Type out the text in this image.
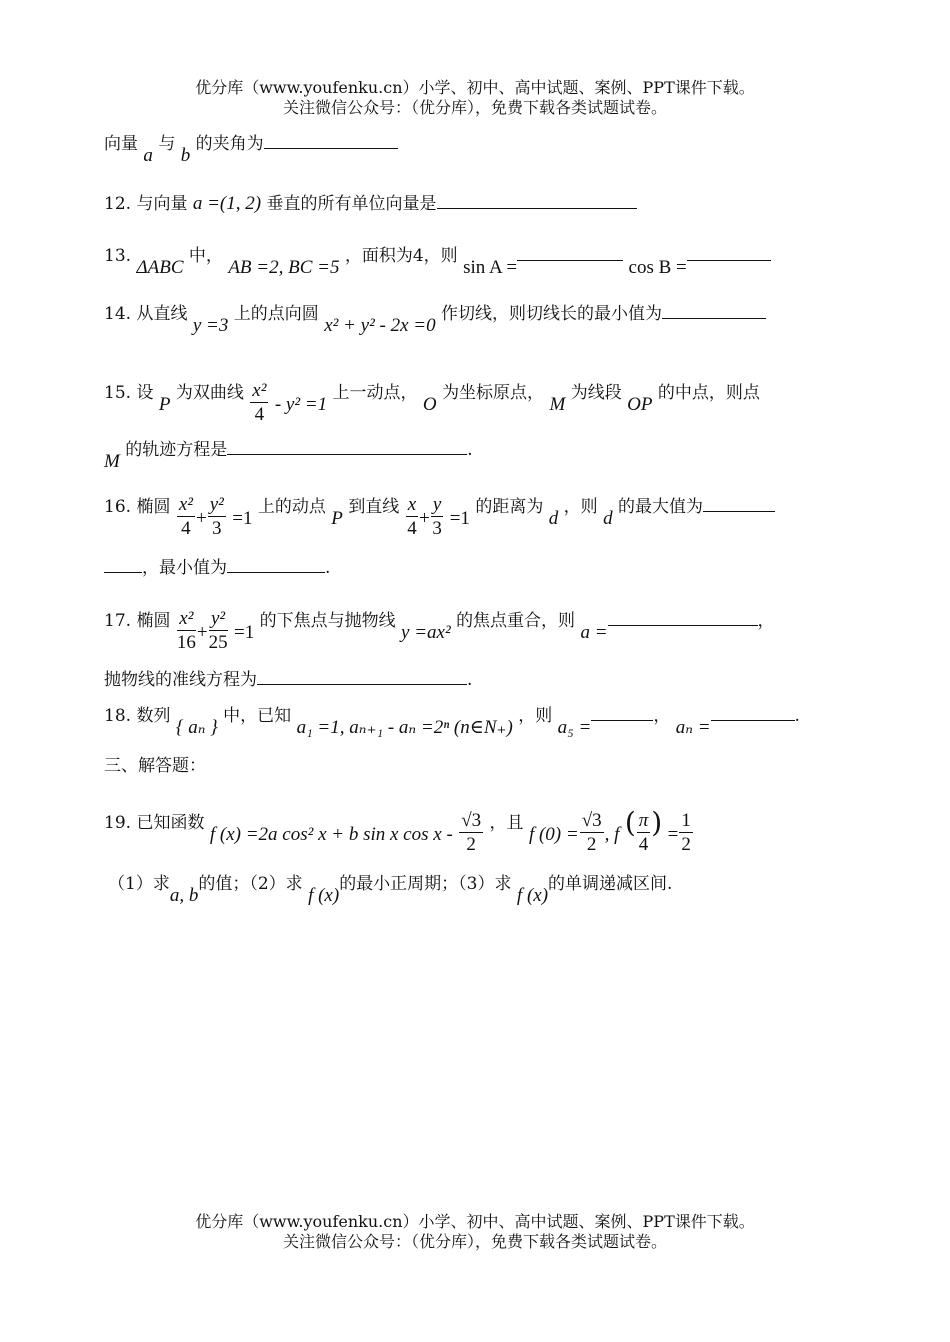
优分库（www.youfenku.cn）小学、初中、高中试题、案例、PPT课件下载。
关注微信公众号：（优分库），免费下载各类试题试卷。
向量 a 与 b 的夹角为
12. 与向量 a =(1, 2) 垂直的所有单位向量是
13. ΔABC 中， AB =2, BC =5 ，面积为4，则 sin A =	cos B =
14. 从直线 y =3 上的点向圆 x² + y² - 2x =0 作切线，则切线长的最小值为
15. 设 P 为双曲线 $\frac{\text{x²}}{4} - y^2 =1$ 上一动点， O 为坐标原点， M 为线段 OP 的中点，则点
M 的轨迹方程是	.
16. 椭圆 $\frac{\text{x²}}{4} + \frac{\text{y²}}{3} =1$ 上的动点 P 到直线 $\frac{x}{4} + \frac{y}{3} =1$ 的距离为 d ，则 d 的最大值为
，最小值为	.
17. 椭圆 $\frac{\text{x²}}{16} + \frac{\text{y²}}{25} =1$ 的下焦点与抛物线 y =ax² 的焦点重合，则 a =，
抛物线的准线方程为	.
18. 数列 { aₙ } 中，已知 a₁ =1, aₙ₊₁ - aₙ =2ⁿ (n∈N₊) ，则 a₅ =， aₙ =.
三、解答题：
19. 已知函数 f (x) =2a cos² x + b sin x cos x - $\frac{√3}{2}$ ，且 f $(0) = \frac{√3}{2}$ , f ( $\frac{\pi}{4}$ ) = $\frac{1}{2}$
（1）求a, b的值；（2）求 f (x)的最小正周期；（3）求 f (x)的单调递减区间.
优分库（www.youfenku.cn）小学、初中、高中试题、案例、PPT课件下载。
关注微信公众号：（优分库），免费下载各类试题试卷。
